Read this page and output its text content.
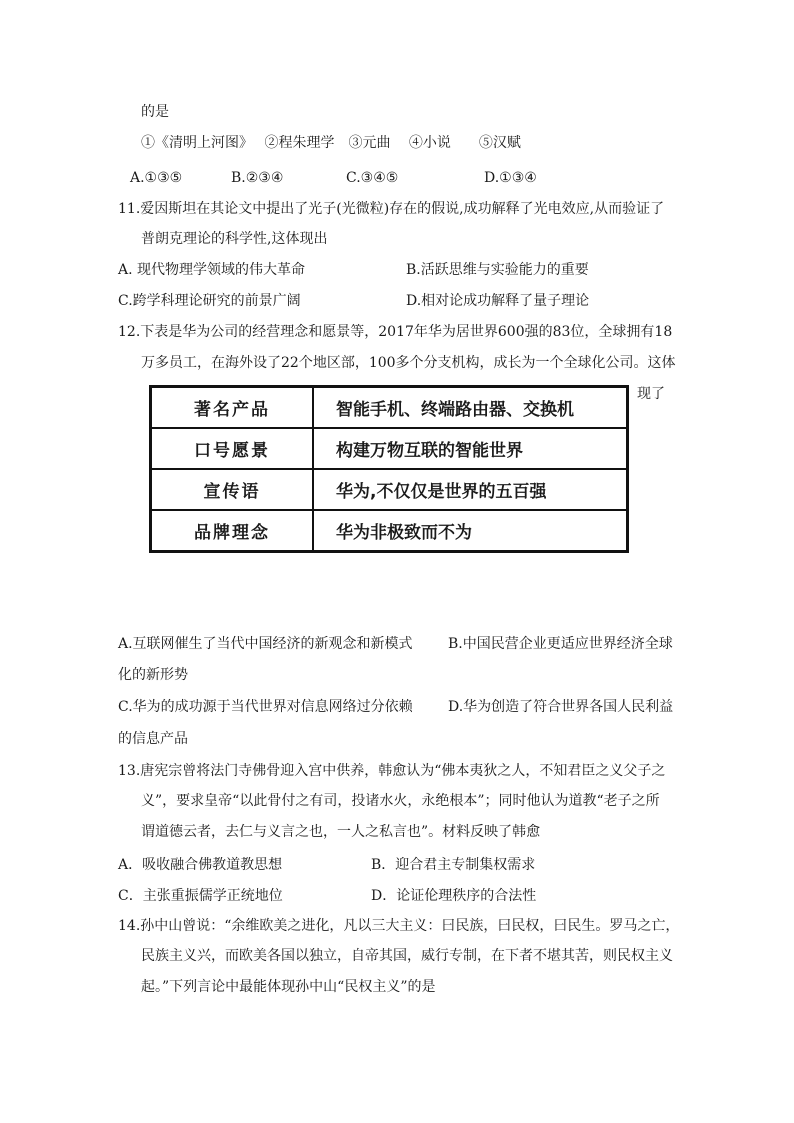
的是
①《清明上河图》　 ②程朱理学　③元曲　 ④小说　　⑤汉赋
A.①③⑤	B.②③④	C.③④⑤	D.①③④
11.爱因斯坦在其论文中提出了光子(光微粒)存在的假说,成功解释了光电效应,从而验证了
普朗克理论的科学性,这体现出
A. 现代物理学领域的伟大革命	B.活跃思维与实验能力的重要
C.跨学科理论研究的前景广阔	D.相对论成功解释了量子理论
12.下表是华为公司的经营理念和愿景等，2017年华为居世界600强的83位，全球拥有18
万多员工，在海外设了22个地区部，100多个分支机构，成长为一个全球化公司。这体
现了
著名产品	智能手机、终端路由器、交换机
口号愿景	构建万物互联的智能世界
宣传语	华为,不仅仅是世界的五百强
品牌理念	华为非极致而不为
A.互联网催生了当代中国经济的新观念和新模式	B.中国民营企业更适应世界经济全球
化的新形势
C.华为的成功源于当代世界对信息网络过分依赖	D.华为创造了符合世界各国人民利益
的信息产品
13.唐宪宗曾将法门寺佛骨迎入宫中供养，韩愈认为“佛本夷狄之人，不知君臣之义父子之
义”，要求皇帝“以此骨付之有司，投诸水火，永绝根本”；同时他认为道教“老子之所
谓道德云者，去仁与义言之也，一人之私言也”。材料反映了韩愈
A．吸收融合佛教道教思想	B．迎合君主专制集权需求
C．主张重振儒学正统地位	D．论证伦理秩序的合法性
14.孙中山曾说：“余维欧美之进化，凡以三大主义：曰民族，曰民权，曰民生。罗马之亡，
民族主义兴，而欧美各国以独立，自帝其国，威行专制，在下者不堪其苦，则民权主义
起。”下列言论中最能体现孙中山“民权主义”的是
